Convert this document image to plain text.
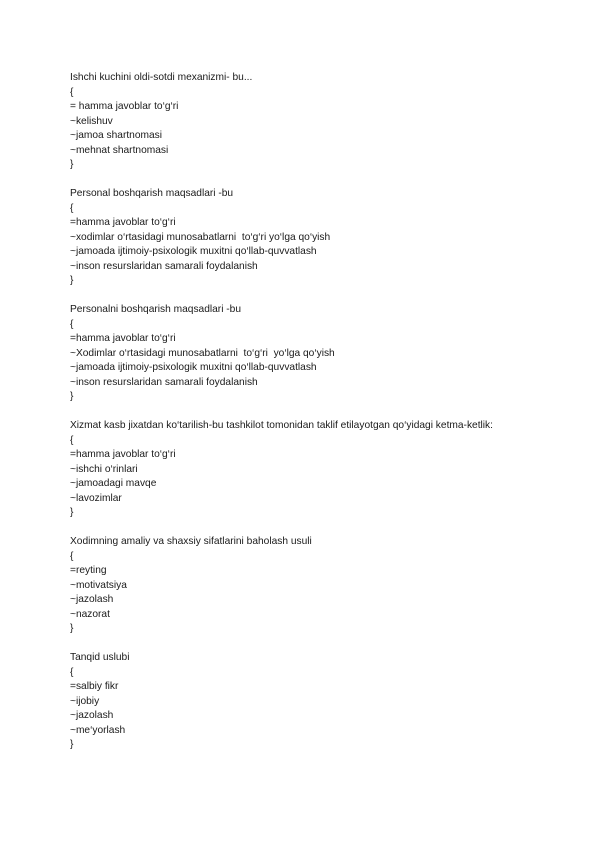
Ishchi kuchini oldi-sotdi mexanizmi- bu...
{
= hamma javoblar to‘g‘ri
~kelishuv
~jamoa shartnomasi
~mehnat shartnomasi
}
Personal boshqarish maqsadlari -bu
{
=hamma javoblar to‘g‘ri
~xodimlar o‘rtasidagi munosabatlarni  to‘g‘ri yo‘lga qo‘yish
~jamoada ijtimoiy-psixologik muxitni qo‘llab-quvvatlash
~inson resurslaridan samarali foydalanish
}
Personalni boshqarish maqsadlari -bu
{
=hamma javoblar to‘g‘ri
~Xodimlar o‘rtasidagi munosabatlarni  to‘g‘ri  yo‘lga qo‘yish
~jamoada ijtimoiy-psixologik muxitni qo‘llab-quvvatlash
~inson resurslaridan samarali foydalanish
}
Xizmat kasb jixatdan ko‘tarilish-bu tashkilot tomonidan taklif etilayotgan qo‘yidagi ketma-ketlik:
{
=hamma javoblar to‘g‘ri
~ishchi o‘rinlari
~jamoadagi mavqe
~lavozimlar
}
Xodimning amaliy va shaxsiy sifatlarini baholash usuli
{
=reyting
~motivatsiya
~jazolash
~nazorat
}
Tanqid uslubi
{
=salbiy fikr
~ijobiy
~jazolash
~me‘yorlash
}
